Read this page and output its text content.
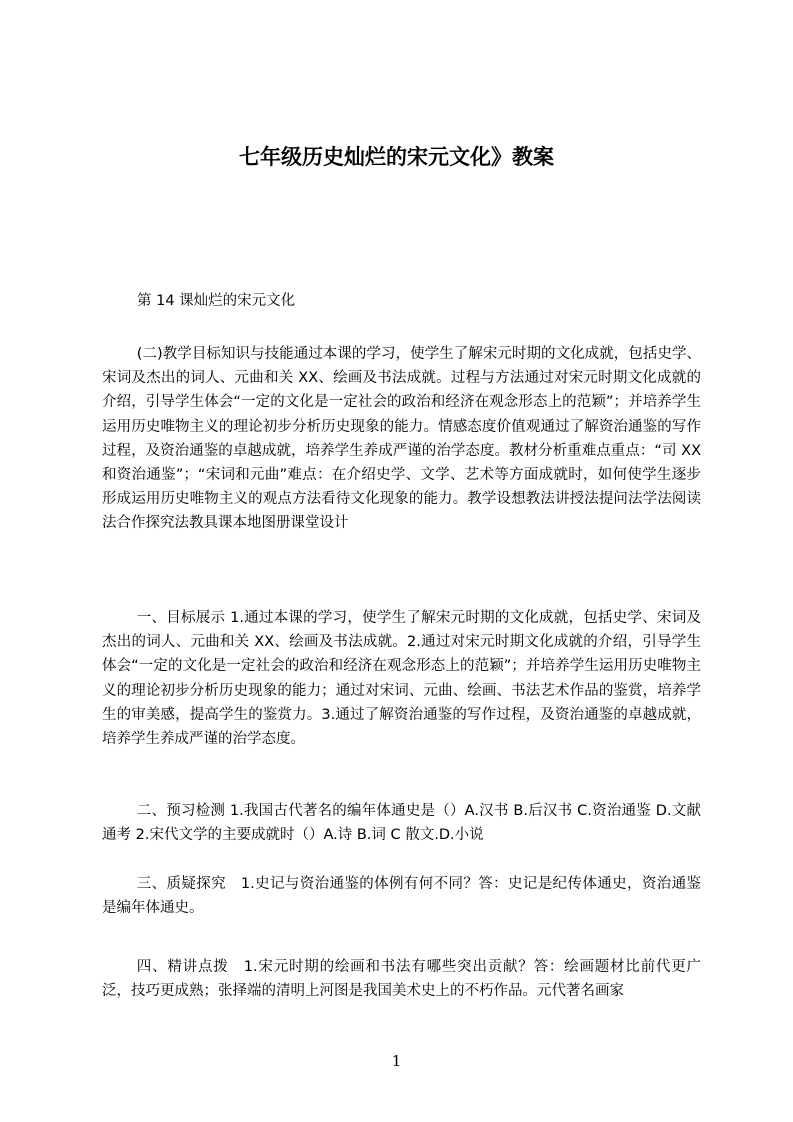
七年级历史灿烂的宋元文化》教案

第 14 课灿烂的宋元文化

(二)教学目标知识与技能通过本课的学习，使学生了解宋元时期的文化成就，包括史学、宋词及杰出的词人、元曲和关 XX、绘画及书法成就。过程与方法通过对宋元时期文化成就的介绍，引导学生体会“一定的文化是一定社会的政治和经济在观念形态上的范颖”；并培养学生运用历史唯物主义的理论初步分析历史现象的能力。情感态度价值观通过了解资治通鉴的写作过程，及资治通鉴的卓越成就，培养学生养成严谨的治学态度。教材分析重难点重点：“司 XX 和资治通鉴”；“宋词和元曲”难点：在介绍史学、文学、艺术等方面成就时，如何使学生逐步形成运用历史唯物主义的观点方法看待文化现象的能力。教学设想教法讲授法提问法学法阅读法合作探究法教具课本地图册课堂设计

一、目标展示 1.通过本课的学习，使学生了解宋元时期的文化成就，包括史学、宋词及杰出的词人、元曲和关 XX、绘画及书法成就。2.通过对宋元时期文化成就的介绍，引导学生体会“一定的文化是一定社会的政治和经济在观念形态上的范颖”；并培养学生运用历史唯物主义的理论初步分析历史现象的能力；通过对宋词、元曲、绘画、书法艺术作品的鉴赏，培养学生的审美感，提高学生的鉴赏力。3.通过了解资治通鉴的写作过程，及资治通鉴的卓越成就，培养学生养成严谨的治学态度。

二、预习检测 1.我国古代著名的编年体通史是（）A.汉书 B.后汉书 C.资治通鉴 D.文献通考 2.宋代文学的主要成就时（）A.诗 B.词 C 散文.D.小说

三、质疑探究　1.史记与资治通鉴的体例有何不同？答：史记是纪传体通史，资治通鉴是编年体通史。

四、精讲点拨　1.宋元时期的绘画和书法有哪些突出贡献？答：绘画题材比前代更广泛，技巧更成熟；张择端的清明上河图是我国美术史上的不朽作品。元代著名画家

1
